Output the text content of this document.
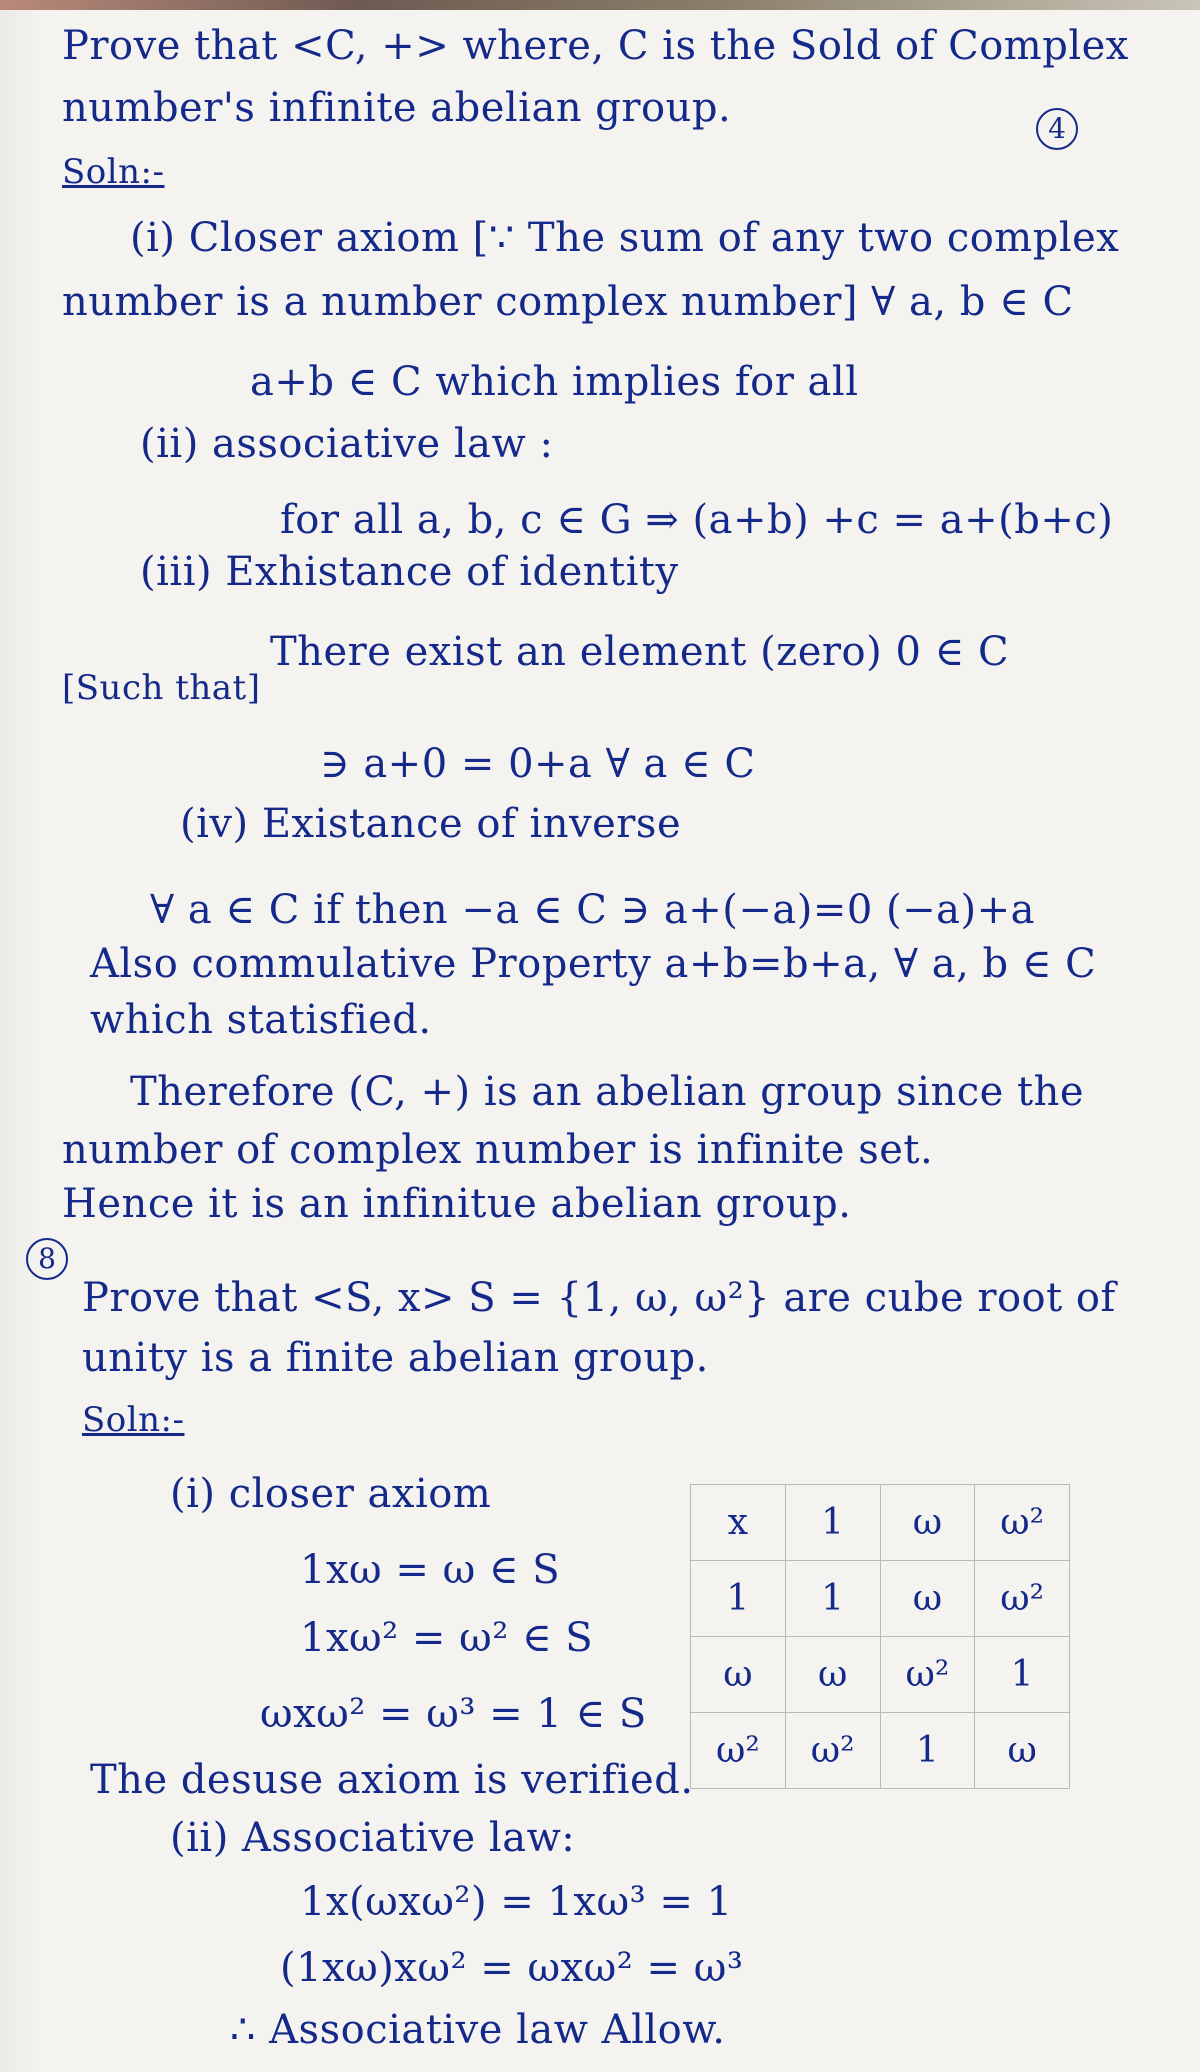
Prove that <C, +> where, C is the Sold of Complex
number's infinite abelian group.	4
Soln:-
(i) Closer axiom [∵ The sum of any two complex
number is a number complex number] ∀ a, b ∈ C
a+b ∈ C which implies for all
(ii) associative law :
for all a, b, c ∈ G ⇒ (a+b) +c = a+(b+c)
(iii) Exhistance of identity
There exist an element (zero) 0 ∈ C
[Such that]
∋ a+0 = 0+a ∀ a ∈ C
(iv) Existance of inverse
∀ a ∈ C if then −a ∈ C ∋ a+(−a)=0 (−a)+a
Also commulative Property a+b=b+a, ∀ a, b ∈ C
which statisfied.
Therefore (C, +) is an abelian group since the
number of complex number is infinite set.
Hence it is an infinitue abelian group.
8
Prove that <S, x> S = {1, ω, ω²} are cube root of
unity is a finite abelian group.
Soln:-
(i) closer axiom
1xω = ω ∈ S
1xω² = ω² ∈ S
ωxω² = ω³ = 1 ∈ S
x	1	ω	ω²
1	1	ω	ω²
ω	ω	ω²	1
ω²	ω²	1	ω
The desuse axiom is verified.
(ii) Associative law:
1x(ωxω²) = 1xω³ = 1
(1xω)xω² = ωxω² = ω³
∴ Associative law Allow.
